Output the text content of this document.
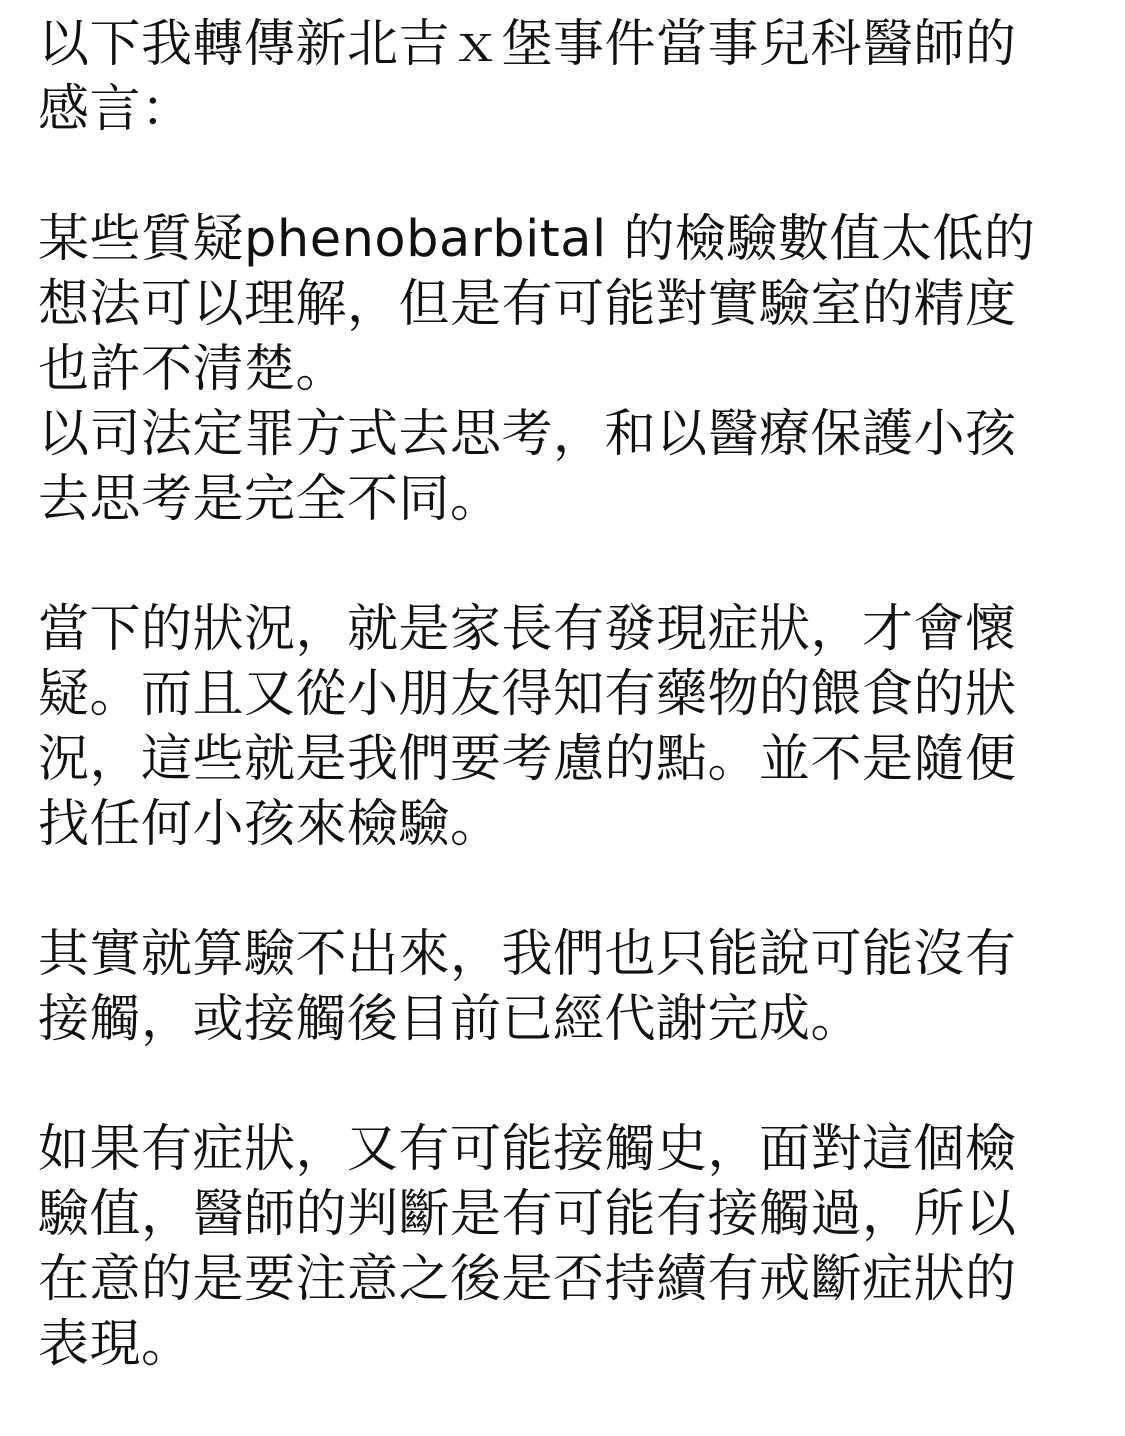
以下我轉傳新北吉ｘ堡事件當事兒科醫師的
感言：
某些質疑phenobarbital 的檢驗數值太低的
想法可以理解，但是有可能對實驗室的精度
也許不清楚。
以司法定罪方式去思考，和以醫療保護小孩
去思考是完全不同。
當下的狀況，就是家長有發現症狀，才會懷
疑。而且又從小朋友得知有藥物的餵食的狀
況，這些就是我們要考慮的點。並不是隨便
找任何小孩來檢驗。
其實就算驗不出來，我們也只能說可能沒有
接觸，或接觸後目前已經代謝完成。
如果有症狀，又有可能接觸史，面對這個檢
驗值，醫師的判斷是有可能有接觸過，所以
在意的是要注意之後是否持續有戒斷症狀的
表現。
